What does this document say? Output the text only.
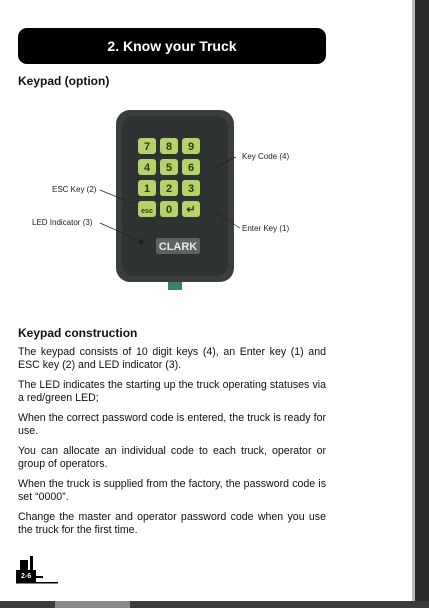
2. Know your Truck
Keypad (option)
7 8 9
4 5 6
1 2 3
esc 0 ↵
CLARK
Key Code (4)
ESC Key (2)
LED Indicator (3)
Enter Key (1)
Keypad construction

The keypad consists of 10 digit keys (4), an Enter key (1) and ESC key (2) and LED indicator (3).

The LED indicates the starting up the truck operating statuses via a red/green LED;

When the correct password code is entered, the truck is ready for use.

You can allocate an individual code to each truck, operator or group of operators.

When the truck is supplied from the factory, the password code is set “0000”.

Change the master and operator password code when you use the truck for the first time.

2-6
